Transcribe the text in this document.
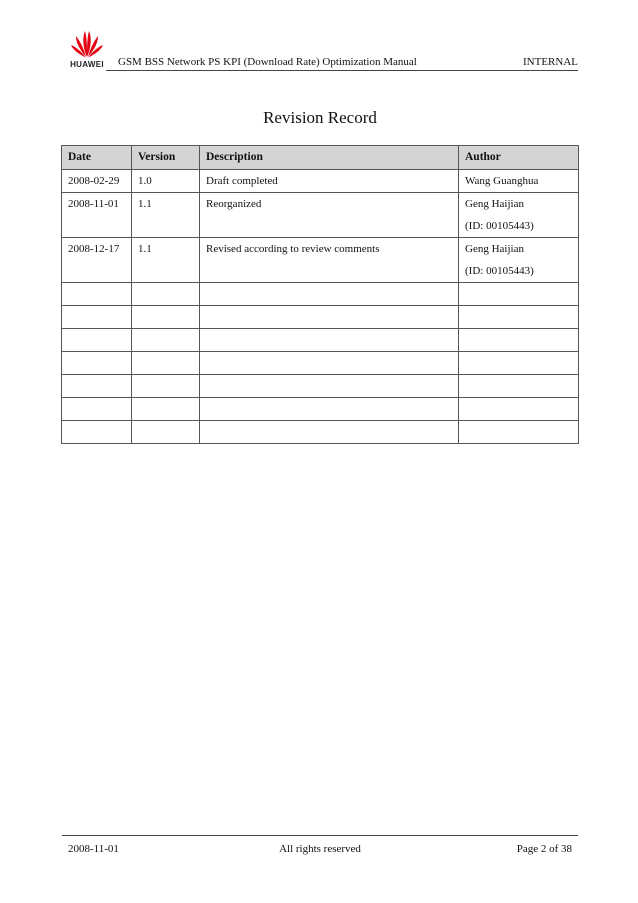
HUAWEI	GSM BSS Network PS KPI (Download Rate) Optimization Manual	INTERNAL
Revision Record
Date	Version	Description	Author

2008-02-29	1.0	Draft completed	Wang Guanghua

2008-11-01	1.1	Reorganized	Geng Haijian
(ID: 00105443)

2008-12-17	1.1	Revised according to review comments	Geng Haijian
(ID: 00105443)

2008-11-01	All rights reserved	Page 2 of 38
